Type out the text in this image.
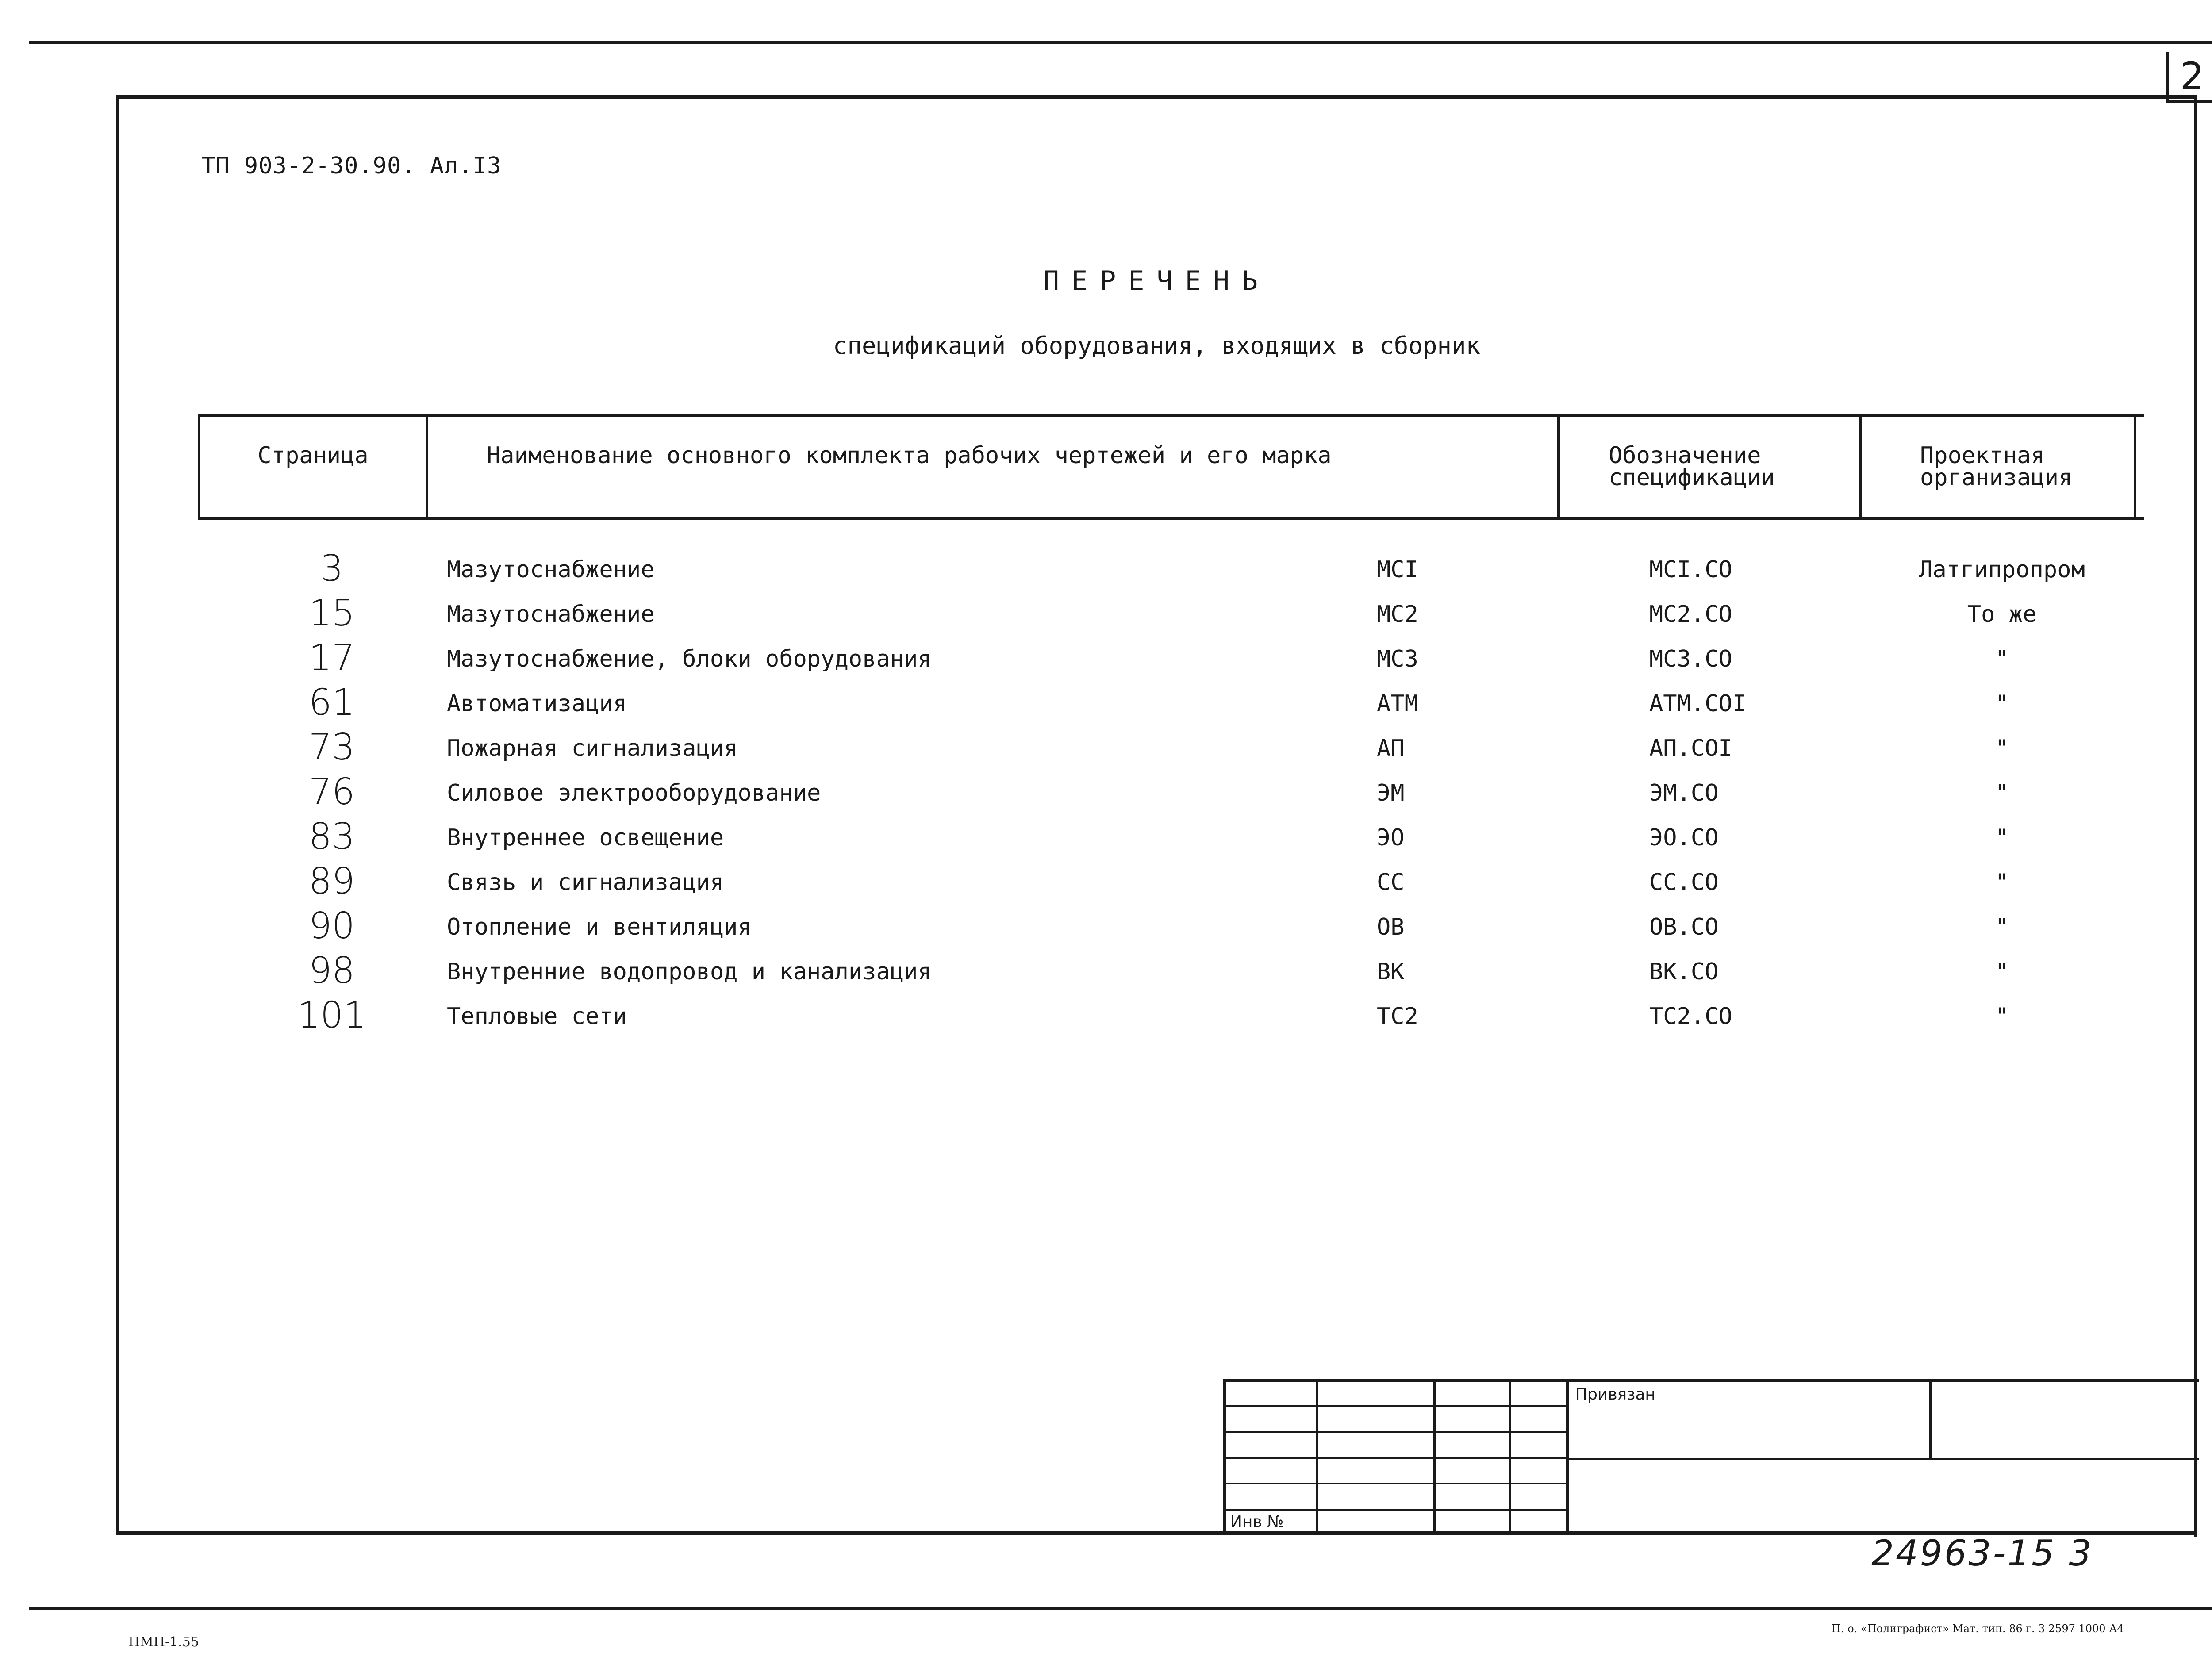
2
ТП 903-2-30.90. Ал.I3
ПЕРЕЧЕНЬ
спецификаций оборудования, входящих в сборник
Страница	Наименование основного комплекта рабочих чертежей и его марка	Обозначение
спецификации
Проектная
организация
3	Мазутоснабжение	МСI	МСI.СО	Латгипропром
15	Мазутоснабжение	МС2	МС2.СО	То же
17	Мазутоснабжение, блоки оборудования	МС3	МС3.СО	"
61	Автоматизация	АТМ	АТМ.СОI	"
73	Пожарная сигнализация	АП	АП.СОI	"
76	Силовое электрооборудование	ЭМ	ЭМ.СО	"
83	Внутреннее освещение	ЭО	ЭО.СО	"
89	Связь и сигнализация	СС	СС.СО	"
90	Отопление и вентиляция	ОВ	ОВ.СО	"
98	Внутренние водопровод и канализация	ВК	ВК.СО	"
101	Тепловые сети	ТС2	ТС2.СО	"
Привязан
Инв №
24963-15 3
ПМП-1.55
П. о. «Полиграфист» Мат. тип. 86 г. З 2597 1000 А4
